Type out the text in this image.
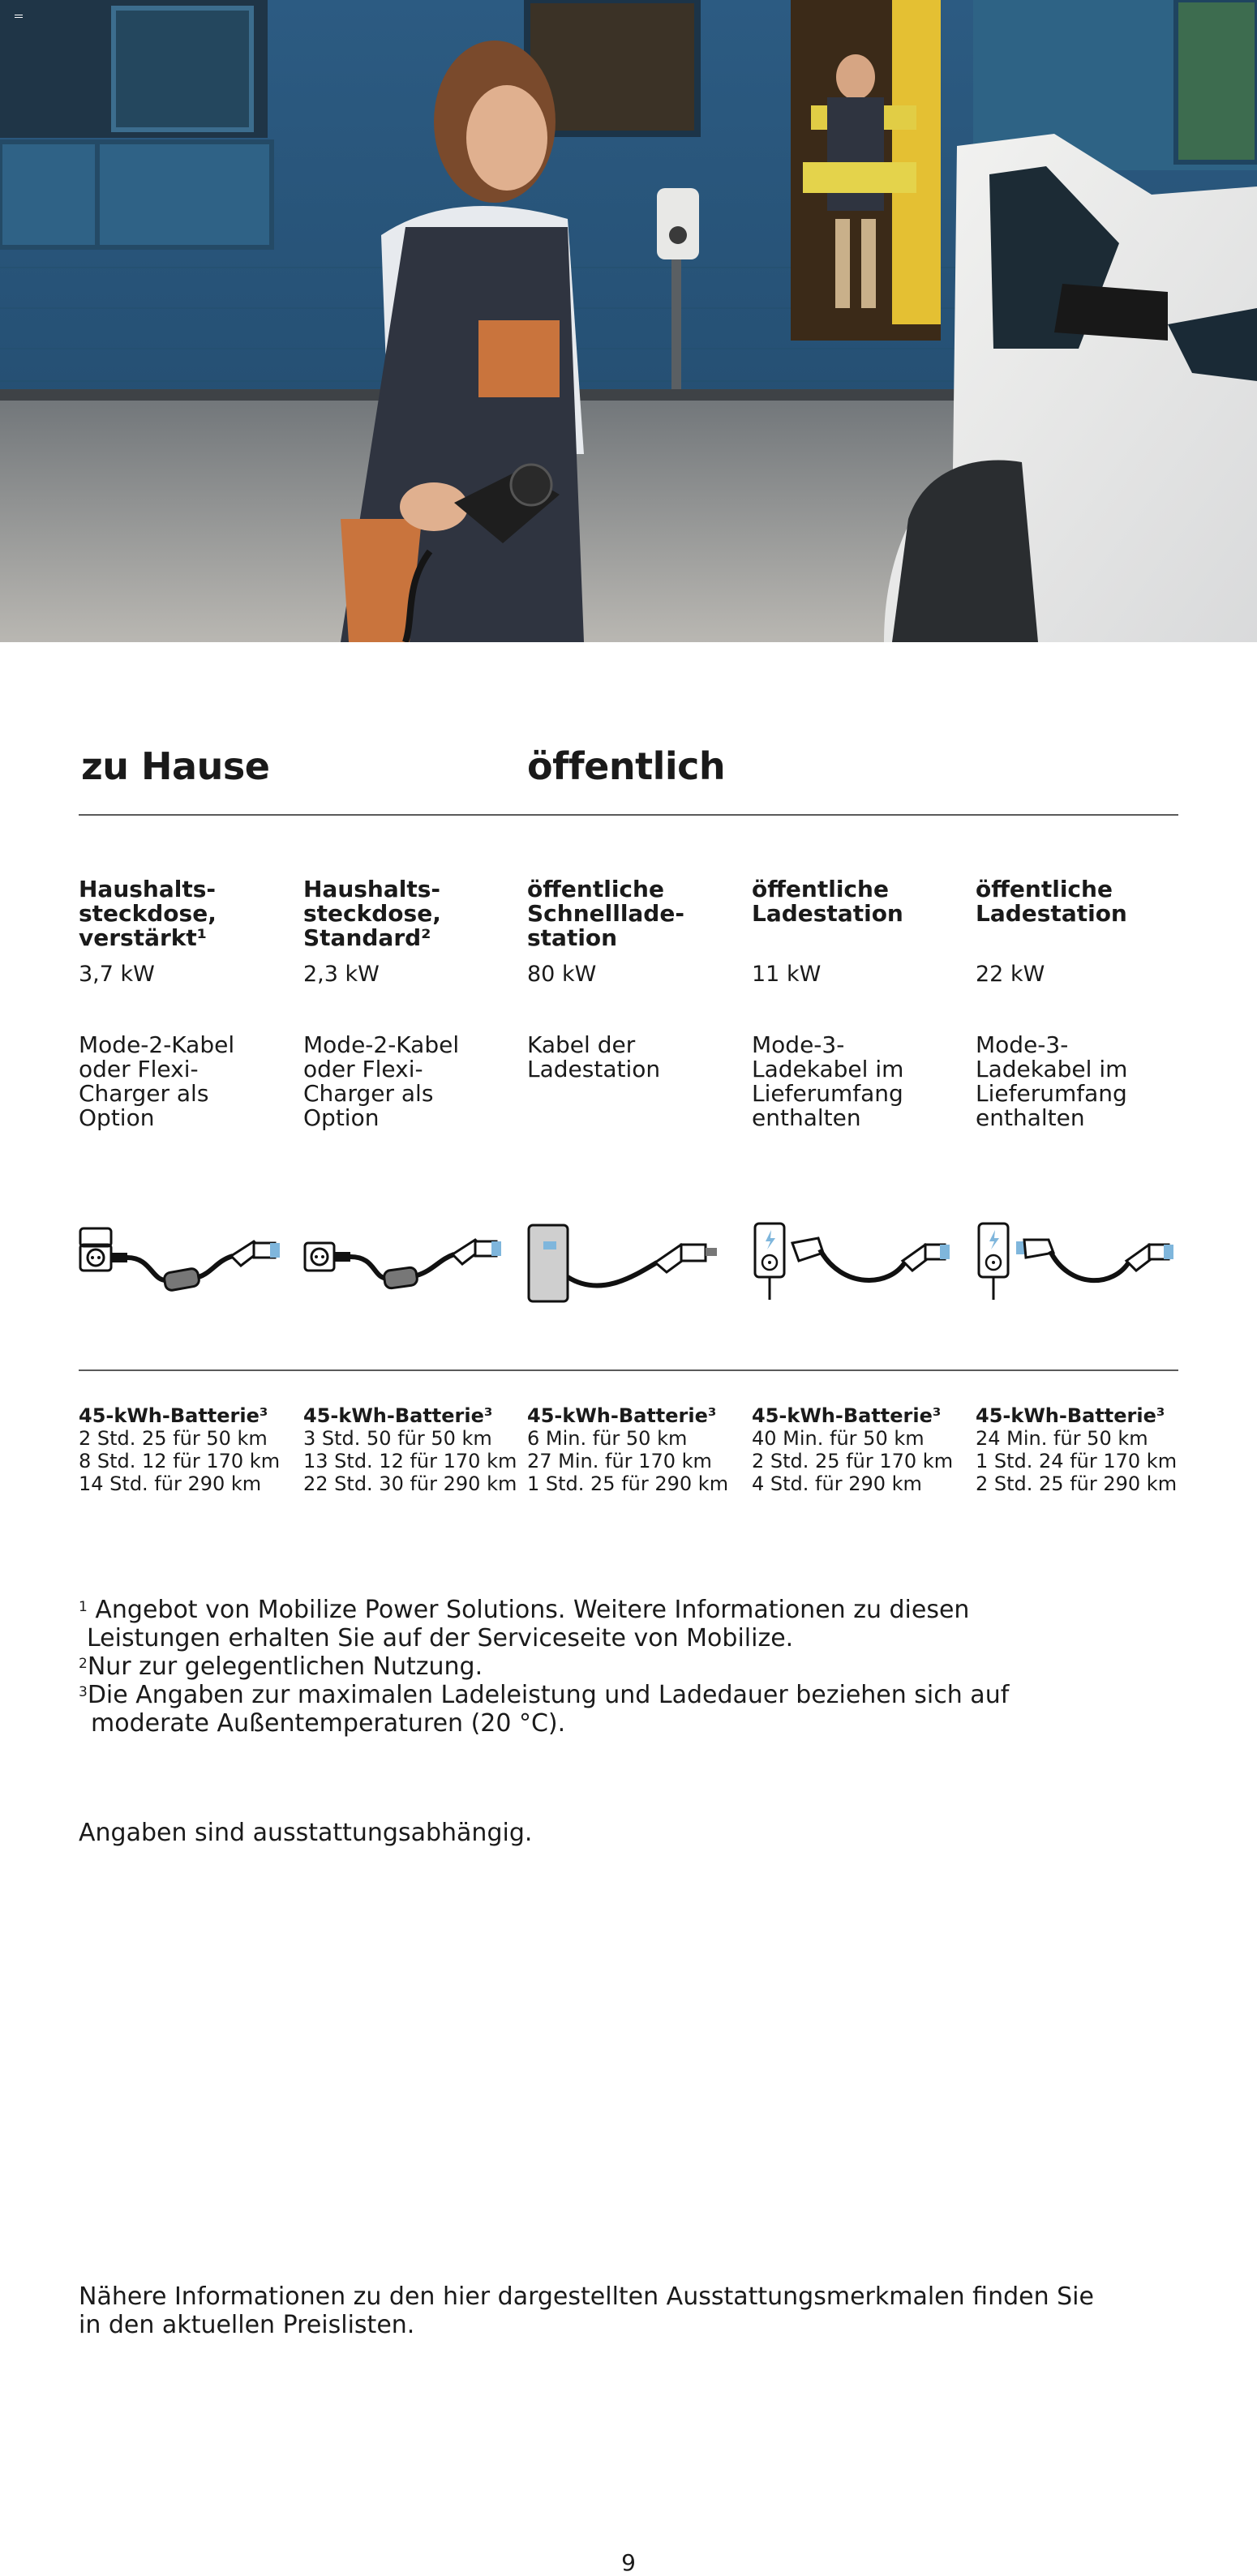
zu Hause	öffentlich
Haushalts-
steckdose,
verstärkt¹
3,7 kW
Mode-2-Kabel
oder Flexi-
Charger als
Option
45-kWh-Batterie³
2 Std. 25 für 50 km
8 Std. 12 für 170 km
14 Std. für 290 km
Haushalts-
steckdose,
Standard²
2,3 kW
Mode-2-Kabel
oder Flexi-
Charger als
Option
45-kWh-Batterie³
3 Std. 50 für 50 km
13 Std. 12 für 170 km
22 Std. 30 für 290 km
öffentliche
Schnelllade-
station
80 kW
Kabel der
Ladestation
45-kWh-Batterie³
6 Min. für 50 km
27 Min. für 170 km
1 Std. 25 für 290 km
öffentliche
Ladestation
11 kW
Mode-3-
Ladekabel im
Lieferumfang
enthalten
45-kWh-Batterie³
40 Min. für 50 km
2 Std. 25 für 170 km
4 Std. für 290 km
öffentliche
Ladestation
22 kW
Mode-3-
Ladekabel im
Lieferumfang
enthalten
45-kWh-Batterie³
24 Min. für 50 km
1 Std. 24 für 170 km
2 Std. 25 für 290 km
$^1$ Angebot von Mobilize Power Solutions. Weitere Informationen zu diesen
Leistungen erhalten Sie auf der Serviceseite von Mobilize.
$^2$Nur zur gelegentlichen Nutzung.
$^3$Die Angaben zur maximalen Ladeleistung und Ladedauer beziehen sich auf
moderate Außentemperaturen (20 °C).
Angaben sind ausstattungsabhängig.
Nähere Informationen zu den hier dargestellten Ausstattungsmerkmalen finden Sie
in den aktuellen Preislisten.
9
